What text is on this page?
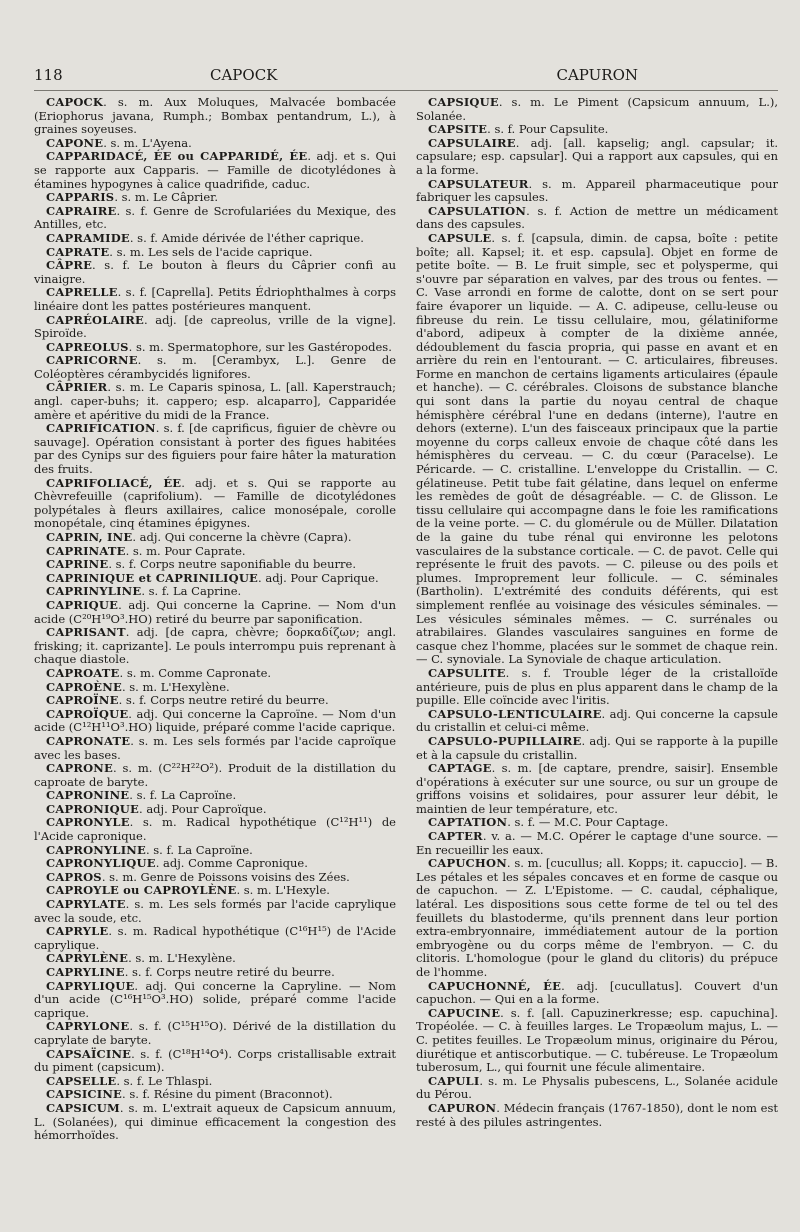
118	CAPOCK	CAPURON

CAPOCK. s. m. Aux Moluques, Malvacée bombacée (Eriophorus javana, Rumph.; Bombax pentandrum, L.), à graines soyeuses.

CAPONE. s. m. L'Ayena.

CAPPARIDACÉ, ÉE ou CAPPARIDÉ, ÉE. adj. et s. Qui se rapporte aux Capparis. — Famille de dicotylédones à étamines hypogynes à calice quadrifide, caduc.

CAPPARIS. s. m. Le Câprier.

CAPRAIRE. s. f. Genre de Scrofulariées du Mexique, des Antilles, etc.

CAPRAMIDE. s. f. Amide dérivée de l'éther caprique.

CAPRATE. s. m. Les sels de l'acide caprique.

CÂPRE. s. f. Le bouton à fleurs du Câprier confi au vinaigre.

CAPRELLE. s. f. [Caprella]. Petits Édriophthalmes à corps linéaire dont les pattes postérieures manquent.

CAPRÉOLAIRE. adj. [de capreolus, vrille de la vigne]. Spiroïde.

CAPREOLUS. s. m. Spermatophore, sur les Gastéropodes.

CAPRICORNE. s. m. [Cerambyx, L.]. Genre de Coléoptères cérambycidés lignifores.

CÂPRIER. s. m. Le Caparis spinosa, L. [all. Kaperstrauch; angl. caper-buhs; it. cappero; esp. alcaparro], Capparidée amère et apéritive du midi de la France.

CAPRIFICATION. s. f. [de caprificus, figuier de chèvre ou sauvage]. Opération consistant à porter des figues habitées par des Cynips sur des figuiers pour faire hâter la maturation des fruits.

CAPRIFOLIACÉ, ÉE. adj. et s. Qui se rapporte au Chèvrefeuille (caprifolium). — Famille de dicotylédones polypétales à fleurs axillaires, calice monosépale, corolle monopétale, cinq étamines épigynes.

CAPRIN, INE. adj. Qui concerne la chèvre (Capra).

CAPRINATE. s. m. Pour Caprate.

CAPRINE. s. f. Corps neutre saponifiable du beurre.

CAPRINIQUE et CAPRINILIQUE. adj. Pour Caprique.

CAPRINYLINE. s. f. La Caprine.

CAPRIQUE. adj. Qui concerne la Caprine. — Nom d'un acide (C²⁰H¹⁹O³.HO) retiré du beurre par saponification.

CAPRISANT. adj. [de capra, chèvre; δορκαδίζων; angl. frisking; it. caprizante]. Le pouls interrompu puis reprenant à chaque diastole.

CAPROATE. s. m. Comme Capronate.

CAPROÈNE. s. m. L'Hexylène.

CAPROÏNE. s. f. Corps neutre retiré du beurre.

CAPROÏQUE. adj. Qui concerne la Caproïne. — Nom d'un acide (C¹²H¹¹O³.HO) liquide, préparé comme l'acide caprique.

CAPRONATE. s. m. Les sels formés par l'acide caproïque avec les bases.

CAPRONE. s. m. (C²²H²²O²). Produit de la distillation du caproate de baryte.

CAPRONINE. s. f. La Caproïne.

CAPRONIQUE. adj. Pour Caproïque.

CAPRONYLE. s. m. Radical hypothétique (C¹²H¹¹) de l'Acide capronique.

CAPRONYLINE. s. f. La Caproïne.

CAPRONYLIQUE. adj. Comme Capronique.

CAPROS. s. m. Genre de Poissons voisins des Zées.

CAPROYLE ou CAPROYLÈNE. s. m. L'Hexyle.

CAPRYLATE. s. m. Les sels formés par l'acide caprylique avec la soude, etc.

CAPRYLE. s. m. Radical hypothétique (C¹⁶H¹⁵) de l'Acide caprylique.

CAPRYLÈNE. s. m. L'Hexylène.

CAPRYLINE. s. f. Corps neutre retiré du beurre.

CAPRYLIQUE. adj. Qui concerne la Capryline. — Nom d'un acide (C¹⁶H¹⁵O³.HO) solide, préparé comme l'acide caprique.

CAPRYLONE. s. f. (C¹⁵H¹⁵O). Dérivé de la distillation du caprylate de baryte.

CAPSAÏCINE. s. f. (C¹⁸H¹⁴O⁴). Corps cristallisable extrait du piment (capsicum).

CAPSELLE. s. f. Le Thlaspi.

CAPSICINE. s. f. Résine du piment (Braconnot).

CAPSICUM. s. m. L'extrait aqueux de Capsicum annuum, L. (Solanées), qui diminue efficacement la congestion des hémorrhoïdes.

CAPSIQUE. s. m. Le Piment (Capsicum annuum, L.), Solanée.

CAPSITE. s. f. Pour Capsulite.

CAPSULAIRE. adj. [all. kapselig; angl. capsular; it. capsulare; esp. capsular]. Qui a rapport aux capsules, qui en a la forme.

CAPSULATEUR. s. m. Appareil pharmaceutique pour fabriquer les capsules.

CAPSULATION. s. f. Action de mettre un médicament dans des capsules.

CAPSULE. s. f. [capsula, dimin. de capsa, boîte : petite boîte; all. Kapsel; it. et esp. capsula]. Objet en forme de petite boîte. — B. Le fruit simple, sec et polysperme, qui s'ouvre par séparation en valves, par des trous ou fentes. — C. Vase arrondi en forme de calotte, dont on se sert pour faire évaporer un liquide. — A. C. adipeuse, cellu-leuse ou fibreuse du rein. Le tissu cellulaire, mou, gélatiniforme d'abord, adipeux à compter de la dixième année, dédoublement du fascia propria, qui passe en avant et en arrière du rein en l'entourant. — C. articulaires, fibreuses. Forme en manchon de certains ligaments articulaires (épaule et hanche). — C. cérébrales. Cloisons de substance blanche qui sont dans la partie du noyau central de chaque hémisphère cérébral l'une en dedans (interne), l'autre en dehors (externe). L'un des faisceaux principaux que la partie moyenne du corps calleux envoie de chaque côté dans les hémisphères du cerveau. — C. du cœur (Paracelse). Le Péricarde. — C. cristalline. L'enveloppe du Cristallin. — C. gélatineuse. Petit tube fait gélatine, dans lequel on enferme les remèdes de goût de désagréable. — C. de Glisson. Le tissu cellulaire qui accompagne dans le foie les ramifications de la veine porte. — C. du glomérule ou de Müller. Dilatation de la gaine du tube rénal qui environne les pelotons vasculaires de la substance corticale. — C. de pavot. Celle qui représente le fruit des pavots. — C. pileuse ou des poils et plumes. Improprement leur follicule. — C. séminales (Bartholin). L'extrémité des conduits déférents, qui est simplement renflée au voisinage des vésicules séminales. — Les vésicules séminales mêmes. — C. surrénales ou atrabilaires. Glandes vasculaires sanguines en forme de casque chez l'homme, placées sur le sommet de chaque rein. — C. synoviale. La Synoviale de chaque articulation.

CAPSULITE. s. f. Trouble léger de la cristalloïde antérieure, puis de plus en plus apparent dans le champ de la pupille. Elle coïncide avec l'iritis.

CAPSULO-LENTICULAIRE. adj. Qui concerne la capsule du cristallin et celui-ci même.

CAPSULO-PUPILLAIRE. adj. Qui se rapporte à la pupille et à la capsule du cristallin.

CAPTAGE. s. m. [de captare, prendre, saisir]. Ensemble d'opérations à exécuter sur une source, ou sur un groupe de griffons voisins et solidaires, pour assurer leur débit, le maintien de leur température, etc.

CAPTATION. s. f. — M.C. Pour Captage.

CAPTER. v. a. — M.C. Opérer le captage d'une source. — En recueillir les eaux.

CAPUCHON. s. m. [cucullus; all. Kopps; it. capuccio]. — B. Les pétales et les sépales concaves et en forme de casque ou de capuchon. — Z. L'Epistome. — C. caudal, céphalique, latéral. Les dispositions sous cette forme de tel ou tel des feuillets du blastoderme, qu'ils prennent dans leur portion extra-embryonnaire, immédiatement autour de la portion embryogène ou du corps même de l'embryon. — C. du clitoris. L'homologue (pour le gland du clitoris) du prépuce de l'homme.

CAPUCHONNÉ, ÉE. adj. [cucullatus]. Couvert d'un capuchon. — Qui en a la forme.

CAPUCINE. s. f. [all. Capuzinerkresse; esp. capuchina]. Tropéolée. — C. à feuilles larges. Le Tropæolum majus, L. — C. petites feuilles. Le Tropæolum minus, originaire du Pérou, diurétique et antiscorbutique. — C. tubéreuse. Le Tropæolum tuberosum, L., qui fournit une fécule alimentaire.

CAPULI. s. m. Le Physalis pubescens, L., Solanée acidule du Pérou.

CAPURON. Médecin français (1767-1850), dont le nom est resté à des pilules astringentes.
